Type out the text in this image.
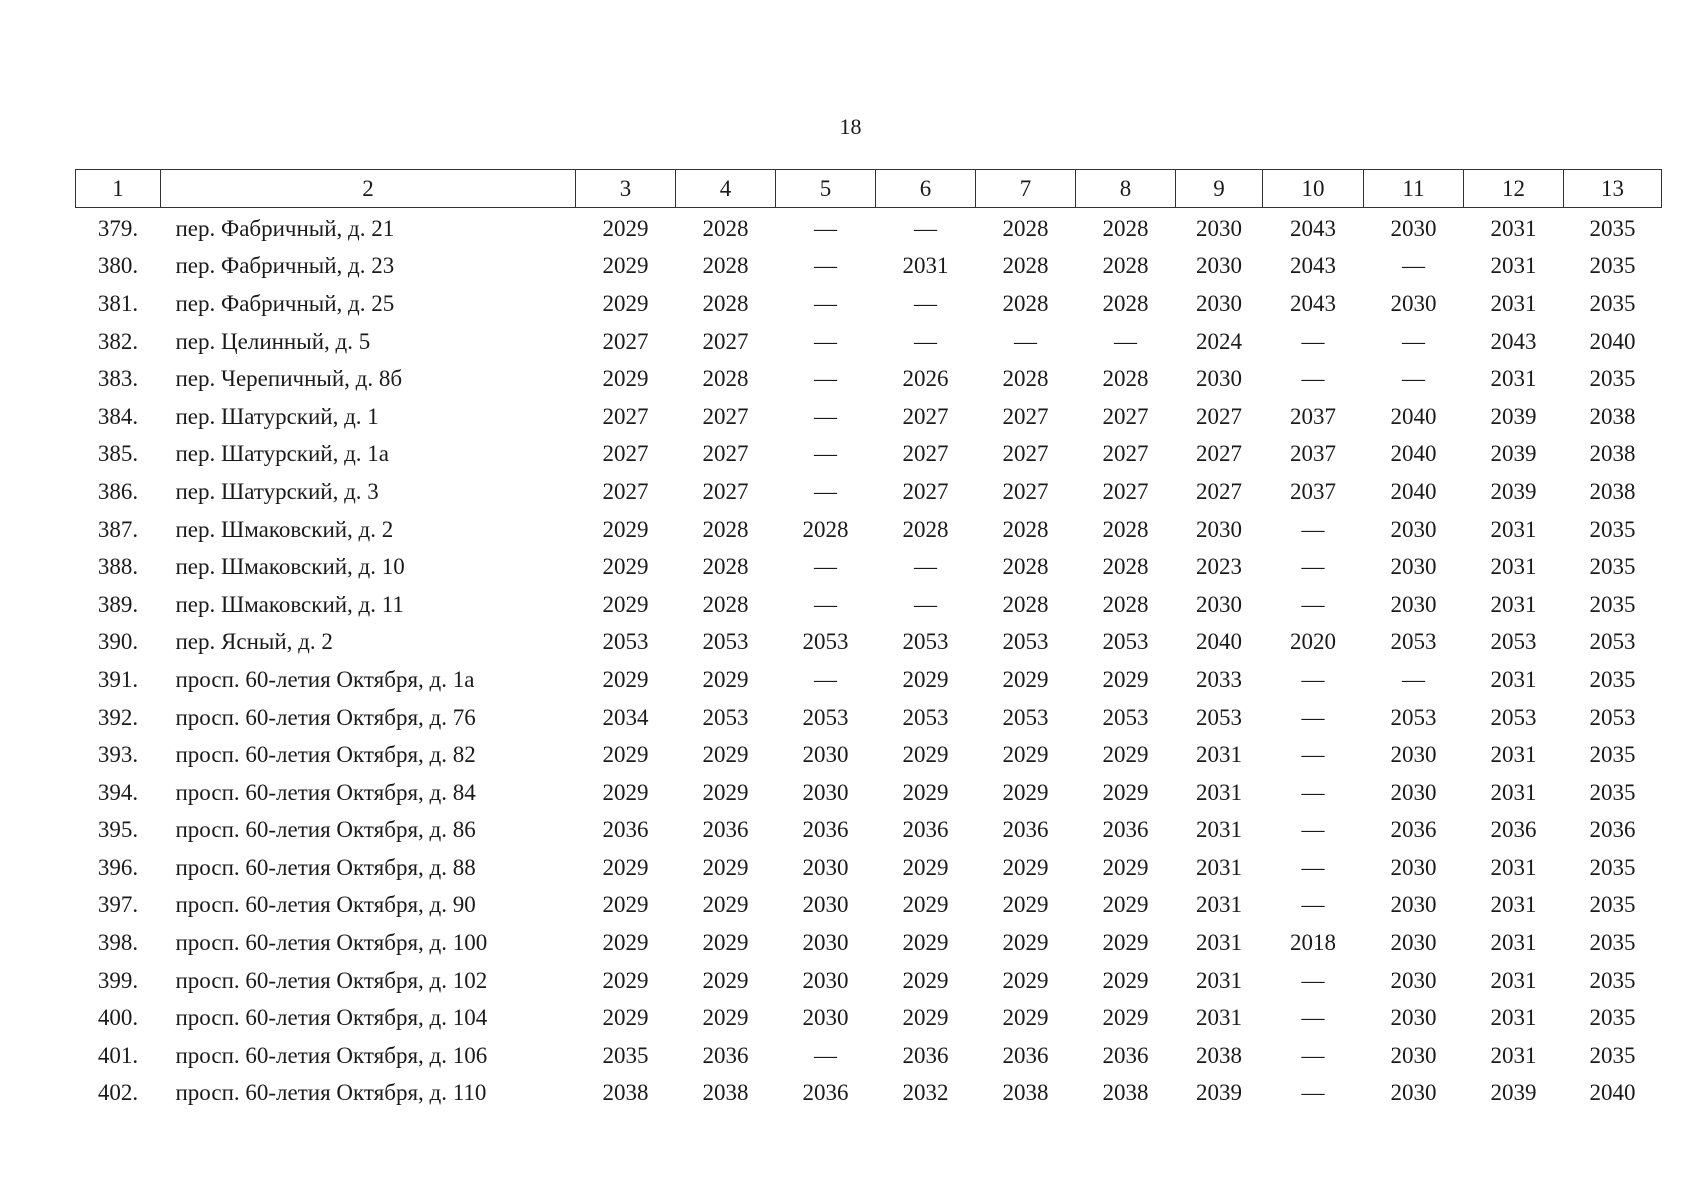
18
1	2	3	4	5	6	7	8	9	10	11	12	13
379.	пер. Фабричный, д. 21	2029	2028	—	—	2028	2028	2030	2043	2030	2031	2035
380.	пер. Фабричный, д. 23	2029	2028	—	2031	2028	2028	2030	2043	—	2031	2035
381.	пер. Фабричный, д. 25	2029	2028	—	—	2028	2028	2030	2043	2030	2031	2035
382.	пер. Целинный, д. 5	2027	2027	—	—	—	—	2024	—	—	2043	2040
383.	пер. Черепичный, д. 8б	2029	2028	—	2026	2028	2028	2030	—	—	2031	2035
384.	пер. Шатурский, д. 1	2027	2027	—	2027	2027	2027	2027	2037	2040	2039	2038
385.	пер. Шатурский, д. 1а	2027	2027	—	2027	2027	2027	2027	2037	2040	2039	2038
386.	пер. Шатурский, д. 3	2027	2027	—	2027	2027	2027	2027	2037	2040	2039	2038
387.	пер. Шмаковский, д. 2	2029	2028	2028	2028	2028	2028	2030	—	2030	2031	2035
388.	пер. Шмаковский, д. 10	2029	2028	—	—	2028	2028	2023	—	2030	2031	2035
389.	пер. Шмаковский, д. 11	2029	2028	—	—	2028	2028	2030	—	2030	2031	2035
390.	пер. Ясный, д. 2	2053	2053	2053	2053	2053	2053	2040	2020	2053	2053	2053
391.	просп. 60-летия Октября, д. 1а	2029	2029	—	2029	2029	2029	2033	—	—	2031	2035
392.	просп. 60-летия Октября, д. 76	2034	2053	2053	2053	2053	2053	2053	—	2053	2053	2053
393.	просп. 60-летия Октября, д. 82	2029	2029	2030	2029	2029	2029	2031	—	2030	2031	2035
394.	просп. 60-летия Октября, д. 84	2029	2029	2030	2029	2029	2029	2031	—	2030	2031	2035
395.	просп. 60-летия Октября, д. 86	2036	2036	2036	2036	2036	2036	2031	—	2036	2036	2036
396.	просп. 60-летия Октября, д. 88	2029	2029	2030	2029	2029	2029	2031	—	2030	2031	2035
397.	просп. 60-летия Октября, д. 90	2029	2029	2030	2029	2029	2029	2031	—	2030	2031	2035
398.	просп. 60-летия Октября, д. 100	2029	2029	2030	2029	2029	2029	2031	2018	2030	2031	2035
399.	просп. 60-летия Октября, д. 102	2029	2029	2030	2029	2029	2029	2031	—	2030	2031	2035
400.	просп. 60-летия Октября, д. 104	2029	2029	2030	2029	2029	2029	2031	—	2030	2031	2035
401.	просп. 60-летия Октября, д. 106	2035	2036	—	2036	2036	2036	2038	—	2030	2031	2035
402.	просп. 60-летия Октября, д. 110	2038	2038	2036	2032	2038	2038	2039	—	2030	2039	2040
